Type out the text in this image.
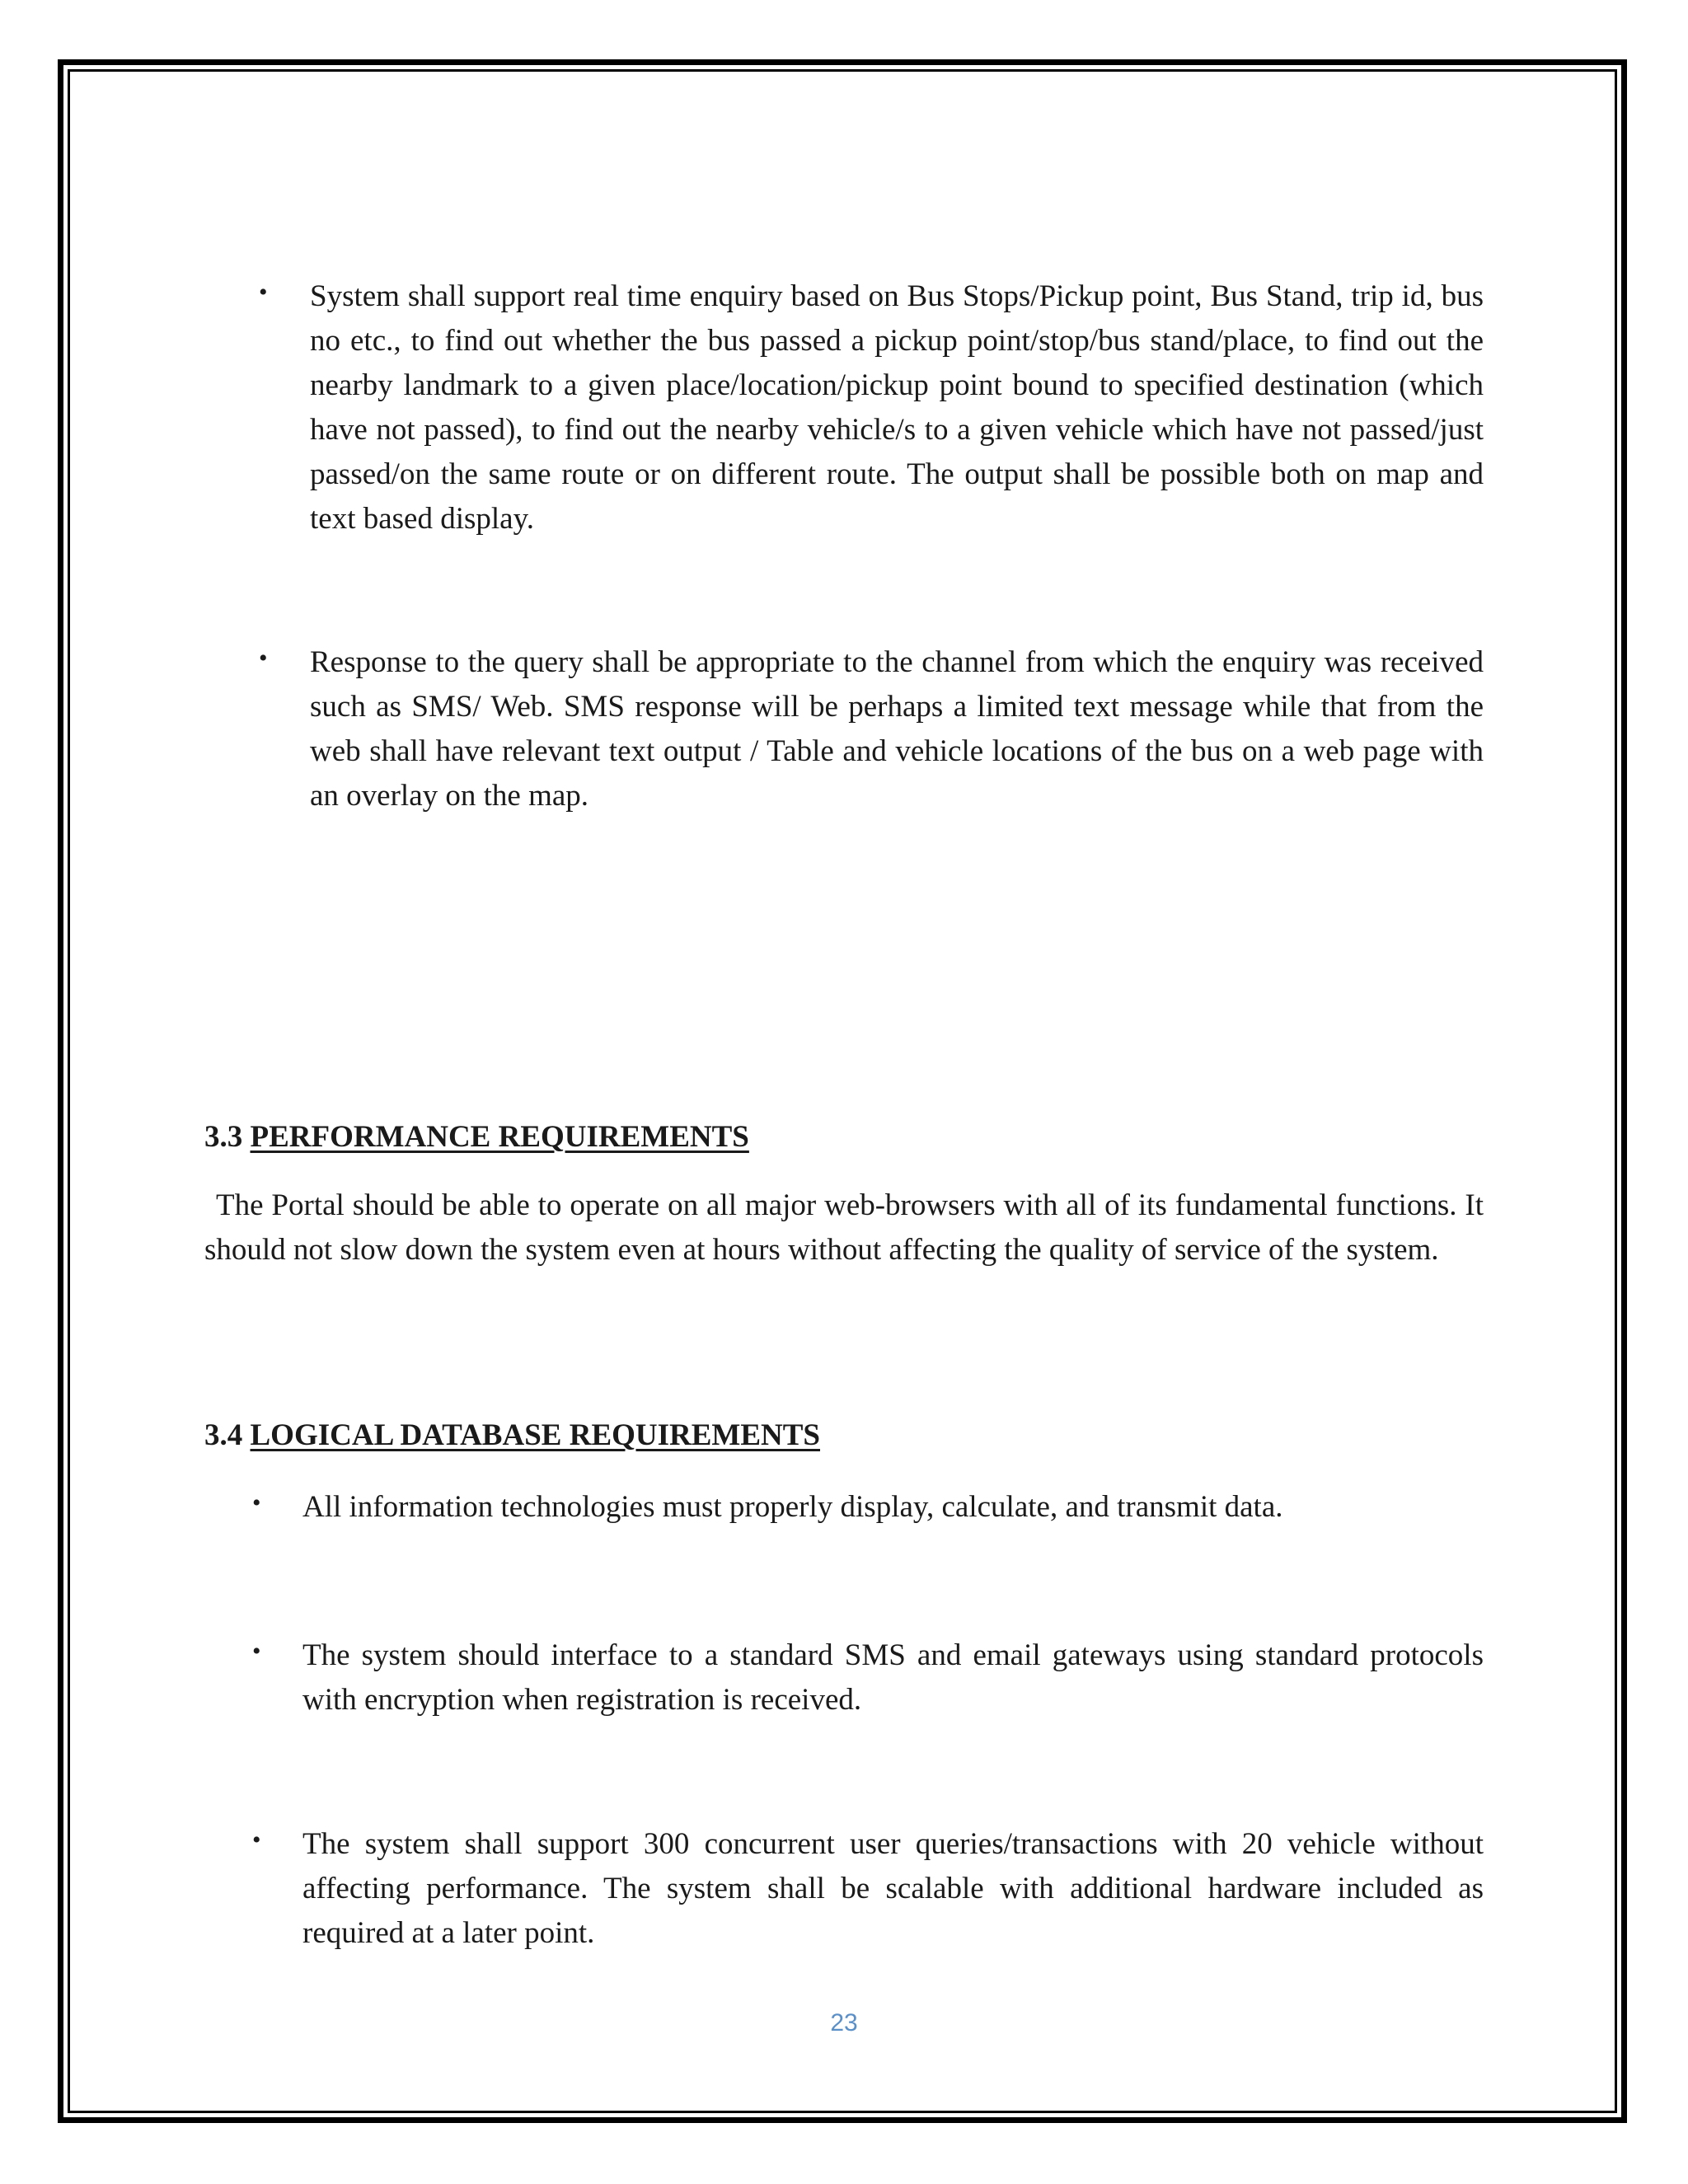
• System shall support real time enquiry based on Bus Stops/Pickup point, Bus Stand, trip id, bus no etc., to find out whether the bus passed a pickup point/stop/bus stand/place, to find out the nearby landmark to a given place/location/pickup point bound to specified destination (which have not passed), to find out the nearby vehicle/s to a given vehicle which have not passed/just passed/on the same route or on different route. The output shall be possible both on map and text based display.

• Response to the query shall be appropriate to the channel from which the enquiry was received such as SMS/ Web. SMS response will be perhaps a limited text message while that from the web shall have relevant text output / Table and vehicle locations of the bus on a web page with an overlay on the map.

3.3 PERFORMANCE REQUIREMENTS

The Portal should be able to operate on all major web-browsers with all of its fundamental functions. It should not slow down the system even at hours without affecting the quality of service of the system.

3.4 LOGICAL DATABASE REQUIREMENTS
• All information technologies must properly display, calculate, and transmit data.

• The system should interface to a standard SMS and email gateways using standard protocols with encryption when registration is received.

• The system shall support 300 concurrent user queries/transactions with 20 vehicle without affecting performance. The system shall be scalable with additional hardware included as required at a later point.

23
